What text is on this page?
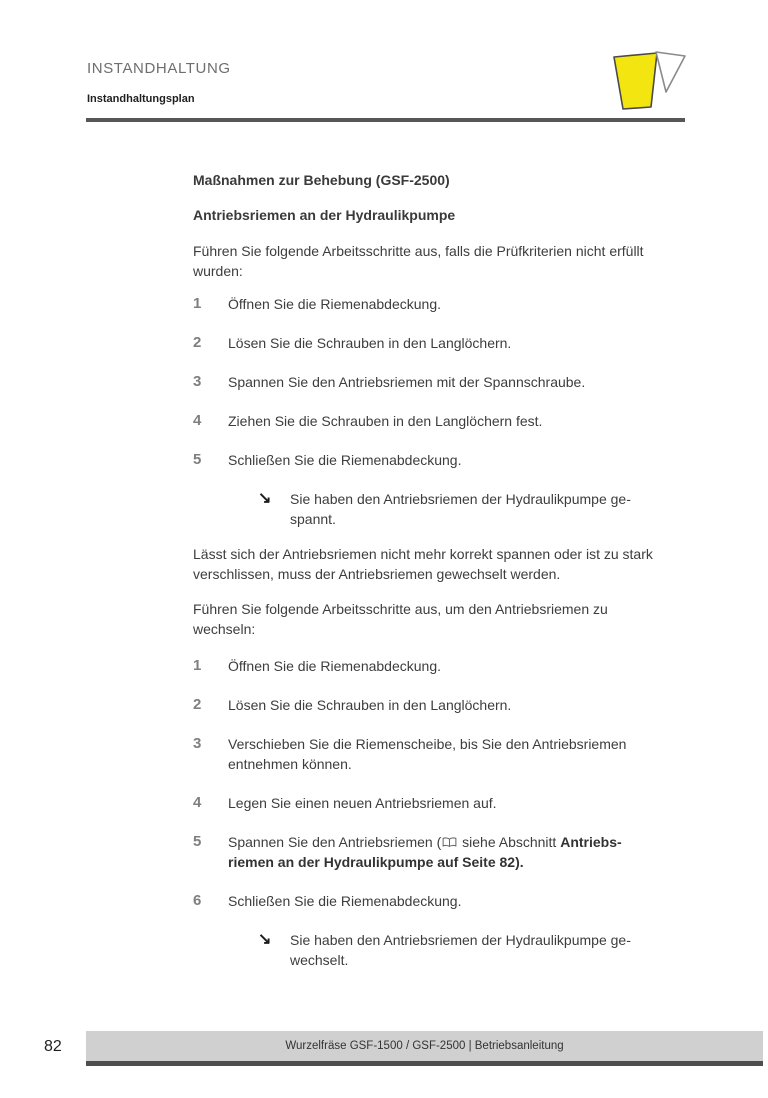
INSTANDHALTUNG
Instandhaltungsplan

Maßnahmen zur Behebung (GSF-2500)

Antriebsriemen an der Hydraulikpumpe

Führen Sie folgende Arbeitsschritte aus, falls die Prüfkriterien nicht erfüllt wurden:

1	Öffnen Sie die Riemenabdeckung.
2	Lösen Sie die Schrauben in den Langlöchern.
3	Spannen Sie den Antriebsriemen mit der Spannschraube.
4	Ziehen Sie die Schrauben in den Langlöchern fest.
5	Schließen Sie die Riemenabdeckung.
↘	Sie haben den Antriebsriemen der Hydraulikpumpe ge-spannt.

Lässt sich der Antriebsriemen nicht mehr korrekt spannen oder ist zu stark verschlissen, muss der Antriebsriemen gewechselt werden.

Führen Sie folgende Arbeitsschritte aus, um den Antriebsriemen zu wechseln:

1	Öffnen Sie die Riemenabdeckung.
2	Lösen Sie die Schrauben in den Langlöchern.
3	Verschieben Sie die Riemenscheibe, bis Sie den Antriebsriemen entnehmen können.
4	Legen Sie einen neuen Antriebsriemen auf.
5	Spannen Sie den Antriebsriemen ( siehe Abschnitt Antriebs-riemen an der Hydraulikpumpe auf Seite 82).
6	Schließen Sie die Riemenabdeckung.
↘	Sie haben den Antriebsriemen der Hydraulikpumpe ge-wechselt.
82	Wurzelfräse GSF-1500 / GSF-2500 | Betriebsanleitung
